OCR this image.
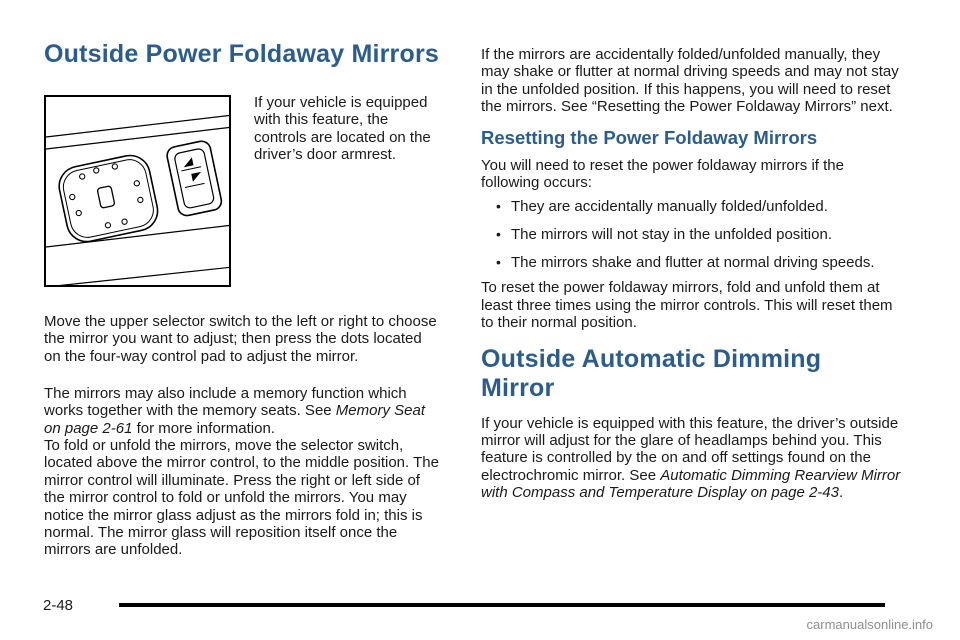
Outside Power Foldaway Mirrors

If your vehicle is equipped with this feature, the controls are located on the driver’s door armrest.

Move the upper selector switch to the left or right to choose the mirror you want to adjust; then press the dots located on the four-way control pad to adjust the mirror.

The mirrors may also include a memory function which works together with the memory seats. See Memory Seat on page 2-61 for more information.

To fold or unfold the mirrors, move the selector switch, located above the mirror control, to the middle position. The mirror control will illuminate. Press the right or left side of the mirror control to fold or unfold the mirrors. You may notice the mirror glass adjust as the mirrors fold in; this is normal. The mirror glass will reposition itself once the mirrors are unfolded.

If the mirrors are accidentally folded/unfolded manually, they may shake or flutter at normal driving speeds and may not stay in the unfolded position. If this happens, you will need to reset the mirrors. See “Resetting the Power Foldaway Mirrors” next.

Resetting the Power Foldaway Mirrors

You will need to reset the power foldaway mirrors if the following occurs:

• They are accidentally manually folded/unfolded.
• The mirrors will not stay in the unfolded position.
• The mirrors shake and flutter at normal driving speeds.

To reset the power foldaway mirrors, fold and unfold them at least three times using the mirror controls. This will reset them to their normal position.

Outside Automatic Dimming Mirror

If your vehicle is equipped with this feature, the driver’s outside mirror will adjust for the glare of headlamps behind you. This feature is controlled by the on and off settings found on the electrochromic mirror. See Automatic Dimming Rearview Mirror with Compass and Temperature Display on page 2-43.

2-48
carmanualsonline.info
